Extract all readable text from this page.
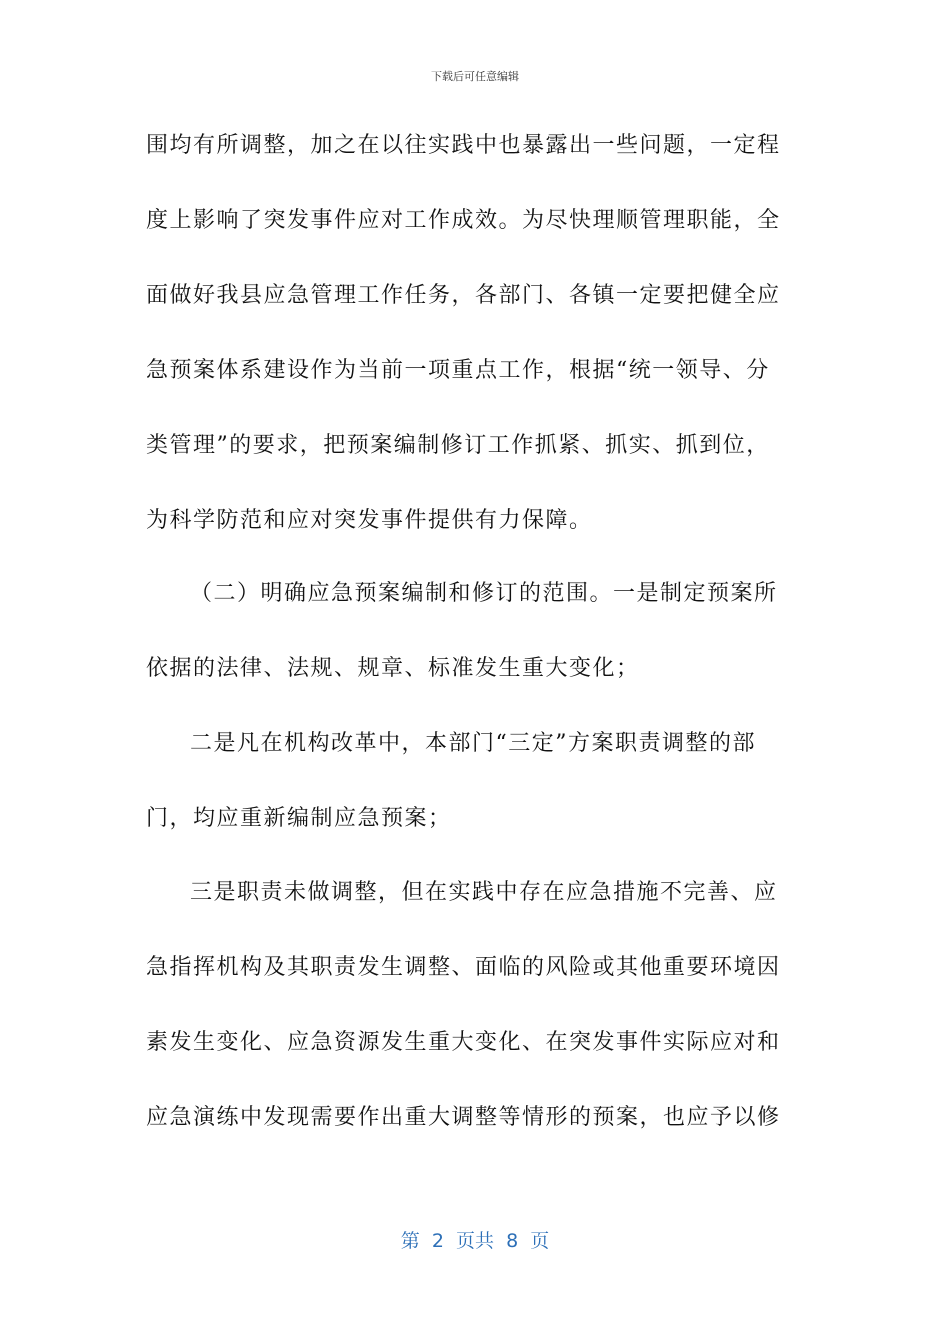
下载后可任意编辑
围均有所调整，加之在以往实践中也暴露出一些问题，一定程
度上影响了突发事件应对工作成效。为尽快理顺管理职能，全
面做好我县应急管理工作任务，各部门、各镇一定要把健全应
急预案体系建设作为当前一项重点工作，根据“统一领导、分
类管理”的要求，把预案编制修订工作抓紧、抓实、抓到位，
为科学防范和应对突发事件提供有力保障。
（二）明确应急预案编制和修订的范围。一是制定预案所
依据的法律、法规、规章、标准发生重大变化；
二是凡在机构改革中，本部门“三定”方案职责调整的部
门，均应重新编制应急预案；
三是职责未做调整，但在实践中存在应急措施不完善、应
急指挥机构及其职责发生调整、面临的风险或其他重要环境因
素发生变化、应急资源发生重大变化、在突发事件实际应对和
应急演练中发现需要作出重大调整等情形的预案，也应予以修
第  2  页共  8  页
